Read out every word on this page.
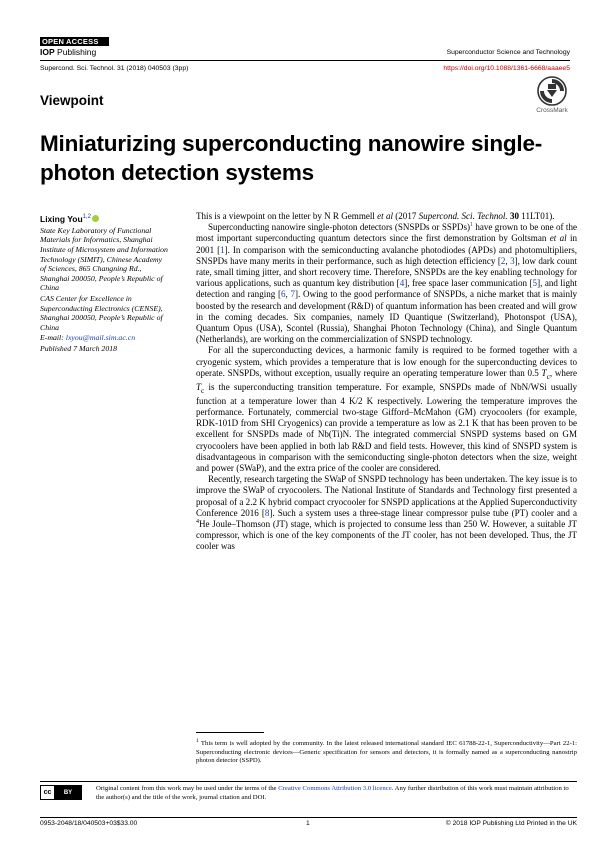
OPEN ACCESS
IOP Publishing	Superconductor Science and Technology
Supercond. Sci. Technol. 31 (2018) 040503 (3pp)	https://doi.org/10.1088/1361-6668/aaaee5
Viewpoint
CrossMark
Miniaturizing superconducting nanowire single-photon detection systems
Lixing You$^{1,2}$
State Key Laboratory of Functional Materials for Informatics, Shanghai Institute of Microsystem and Information Technology (SIMIT), Chinese Academy of Sciences, 865 Changning Rd., Shanghai 200050, People’s Republic of China
CAS Center for Excellence in Superconducting Electronics (CENSE), Shanghai 200050, People’s Republic of China
E-mail: lxyou@mail.sim.ac.cn
Published 7 March 2018

This is a viewpoint on the letter by N R Gemmell et al (2017 Supercond. Sci. Technol. 30 11LT01).

Superconducting nanowire single-photon detectors (SNSPDs or SSPDs)$^1$ have grown to be one of the most important superconducting quantum detectors since the first demonstration by Goltsman et al in 2001 [1]. In comparison with the semiconducting avalanche photodiodes (APDs) and photomultipliers, SNSPDs have many merits in their performance, such as high detection efficiency [2, 3], low dark count rate, small timing jitter, and short recovery time. Therefore, SNSPDs are the key enabling technology for various applications, such as quantum key distribution [4], free space laser communication [5], and light detection and ranging [6, 7]. Owing to the good performance of SNSPDs, a niche market that is mainly boosted by the research and development (R&D) of quantum information has been created and will grow in the coming decades. Six companies, namely ID Quantique (Switzerland), Photonspot (USA), Quantum Opus (USA), Scontel (Russia), Shanghai Photon Technology (China), and Single Quantum (Netherlands), are working on the commercialization of SNSPD technology.

For all the superconducting devices, a harmonic family is required to be formed together with a cryogenic system, which provides a temperature that is low enough for the superconducting devices to operate. SNSPDs, without exception, usually require an operating temperature lower than 0.5 $T_c$, where $T_c$ is the superconducting transition temperature. For example, SNSPDs made of NbN/WSi usually function at a temperature lower than 4 K/2 K respectively. Lowering the temperature improves the performance. Fortunately, commercial two-stage Gifford–McMahon (GM) cryocoolers (for example, RDK-101D from SHI Cryogenics) can provide a temperature as low as 2.1 K that has been proven to be excellent for SNSPDs made of Nb(Ti)N. The integrated commercial SNSPD systems based on GM cryocoolers have been applied in both lab R&D and field tests. However, this kind of SNSPD system is disadvantageous in comparison with the semiconducting single-photon detectors when the size, weight and power (SWaP), and the extra price of the cooler are considered.

Recently, research targeting the SWaP of SNSPD technology has been undertaken. The key issue is to improve the SWaP of cryocoolers. The National Institute of Standards and Technology first presented a proposal of a 2.2 K hybrid compact cryocooler for SNSPD applications at the Applied Superconductivity Conference 2016 [8]. Such a system uses a three-stage linear compressor pulse tube (PT) cooler and a $^4$He Joule–Thomson (JT) stage, which is projected to consume less than 250 W. However, a suitable JT compressor, which is one of the key components of the JT cooler, has not been developed. Thus, the JT cooler was

$^1$ This term is well adopted by the community. In the latest released international standard IEC 61788-22-1, Superconductivity—Part 22-1: Superconducting electronic devices—Generic specification for sensors and detectors, it is formally named as a superconducting nanostrip photon detector (SSPD).
cc	BY
Original content from this work may be used under the terms of the Creative Commons Attribution 3.0 licence. Any further distribution of this work must maintain attribution to the author(s) and the title of the work, journal citation and DOI.
0953-2048/18/040503+03$33.00	1	© 2018 IOP Publishing Ltd Printed in the UK
